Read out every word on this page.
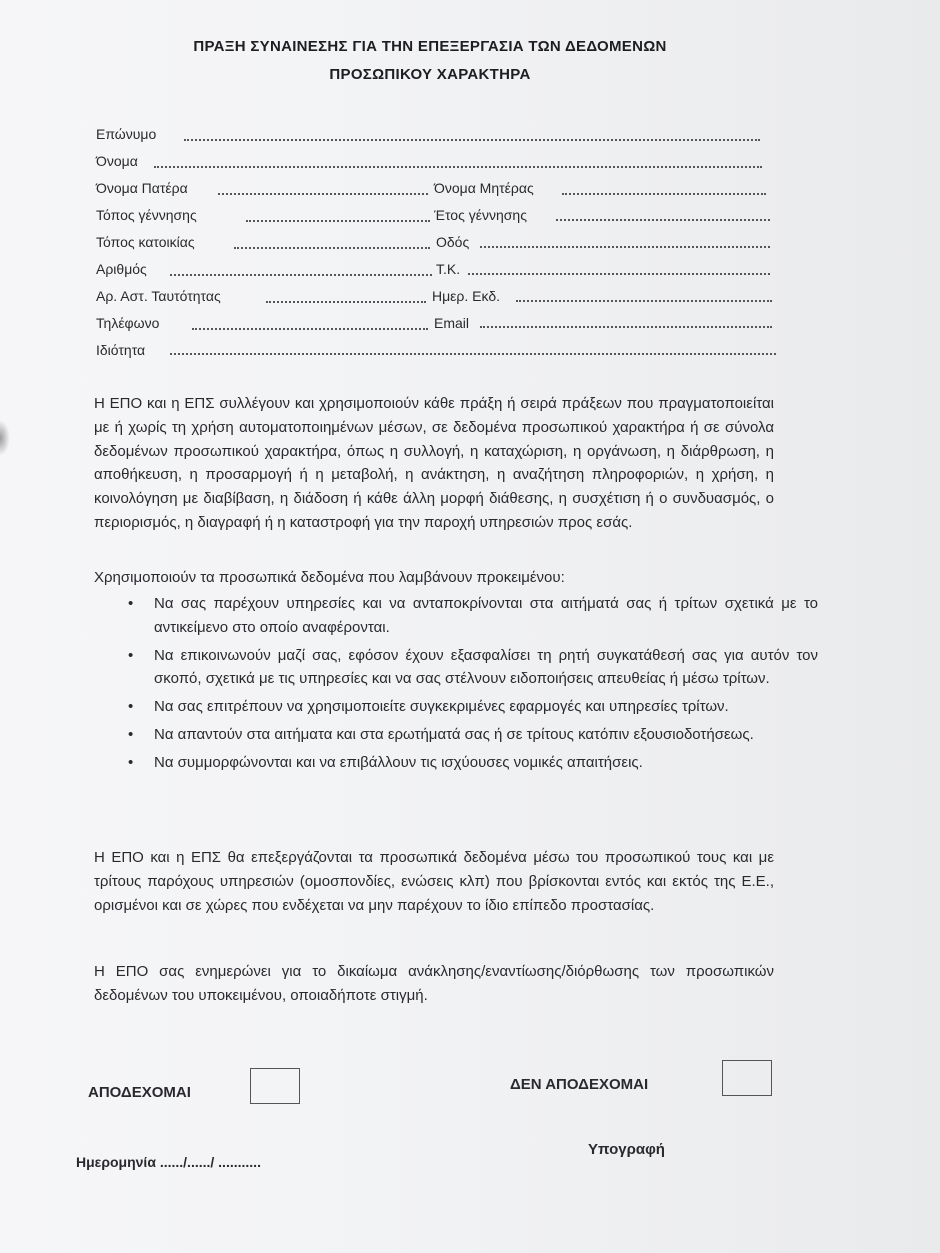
ΠΡΑΞΗ ΣΥΝΑΙΝΕΣΗΣ ΓΙΑ ΤΗΝ ΕΠΕΞΕΡΓΑΣΙΑ ΤΩΝ ΔΕΔΟΜΕΝΩΝ
ΠΡΟΣΩΠΙΚΟΥ ΧΑΡΑΚΤΗΡΑ
Επώνυμο
Όνομα
Όνομα Πατέρα	Όνομα Μητέρας
Τόπος γέννησης	Έτος γέννησης
Τόπος κατοικίας	Οδός
Αριθμός	Τ.Κ.
Αρ. Αστ. Ταυτότητας	Ημερ. Εκδ.
Τηλέφωνο	Email
Ιδιότητα
Η ΕΠΟ και η ΕΠΣ συλλέγουν και χρησιμοποιούν κάθε πράξη ή σειρά πράξεων που πραγματοποιείται με ή χωρίς τη χρήση αυτοματοποιημένων μέσων, σε δεδομένα προσωπικού χαρακτήρα ή σε σύνολα δεδομένων προσωπικού χαρακτήρα, όπως η συλλογή, η καταχώριση, η οργάνωση, η διάρθρωση, η αποθήκευση, η προσαρμογή ή η μεταβολή, η ανάκτηση, η αναζήτηση πληροφοριών, η χρήση, η κοινολόγηση με διαβίβαση, η διάδοση ή κάθε άλλη μορφή διάθεσης, η συσχέτιση ή ο συνδυασμός, ο περιορισμός, η διαγραφή ή η καταστροφή για την παροχή υπηρεσιών προς εσάς.
Χρησιμοποιούν τα προσωπικά δεδομένα που λαμβάνουν προκειμένου:
• Να σας παρέχουν υπηρεσίες και να ανταποκρίνονται στα αιτήματά σας ή τρίτων σχετικά με το αντικείμενο στο οποίο αναφέρονται.
• Να επικοινωνούν μαζί σας, εφόσον έχουν εξασφαλίσει τη ρητή συγκατάθεσή σας για αυτόν τον σκοπό, σχετικά με τις υπηρεσίες και να σας στέλνουν ειδοποιήσεις απευθείας ή μέσω τρίτων.
• Να σας επιτρέπουν να χρησιμοποιείτε συγκεκριμένες εφαρμογές και υπηρεσίες τρίτων.
• Να απαντούν στα αιτήματα και στα ερωτήματά σας ή σε τρίτους κατόπιν εξουσιοδοτήσεως.
• Να συμμορφώνονται και να επιβάλλουν τις ισχύουσες νομικές απαιτήσεις.
Η ΕΠΟ και η ΕΠΣ θα επεξεργάζονται τα προσωπικά δεδομένα μέσω του προσωπικού τους και με τρίτους παρόχους υπηρεσιών (ομοσπονδίες, ενώσεις κλπ) που βρίσκονται εντός και εκτός της Ε.Ε., ορισμένοι και σε χώρες που ενδέχεται να μην παρέχουν το ίδιο επίπεδο προστασίας.
Η ΕΠΟ σας ενημερώνει για το δικαίωμα ανάκλησης/εναντίωσης/διόρθωσης των προσωπικών δεδομένων του υποκειμένου, οποιαδήποτε στιγμή.
ΑΠΟΔΕΧΟΜΑΙ	ΔΕΝ ΑΠΟΔΕΧΟΜΑΙ
Ημερομηνία ....../....../ ...........
Υπογραφή
